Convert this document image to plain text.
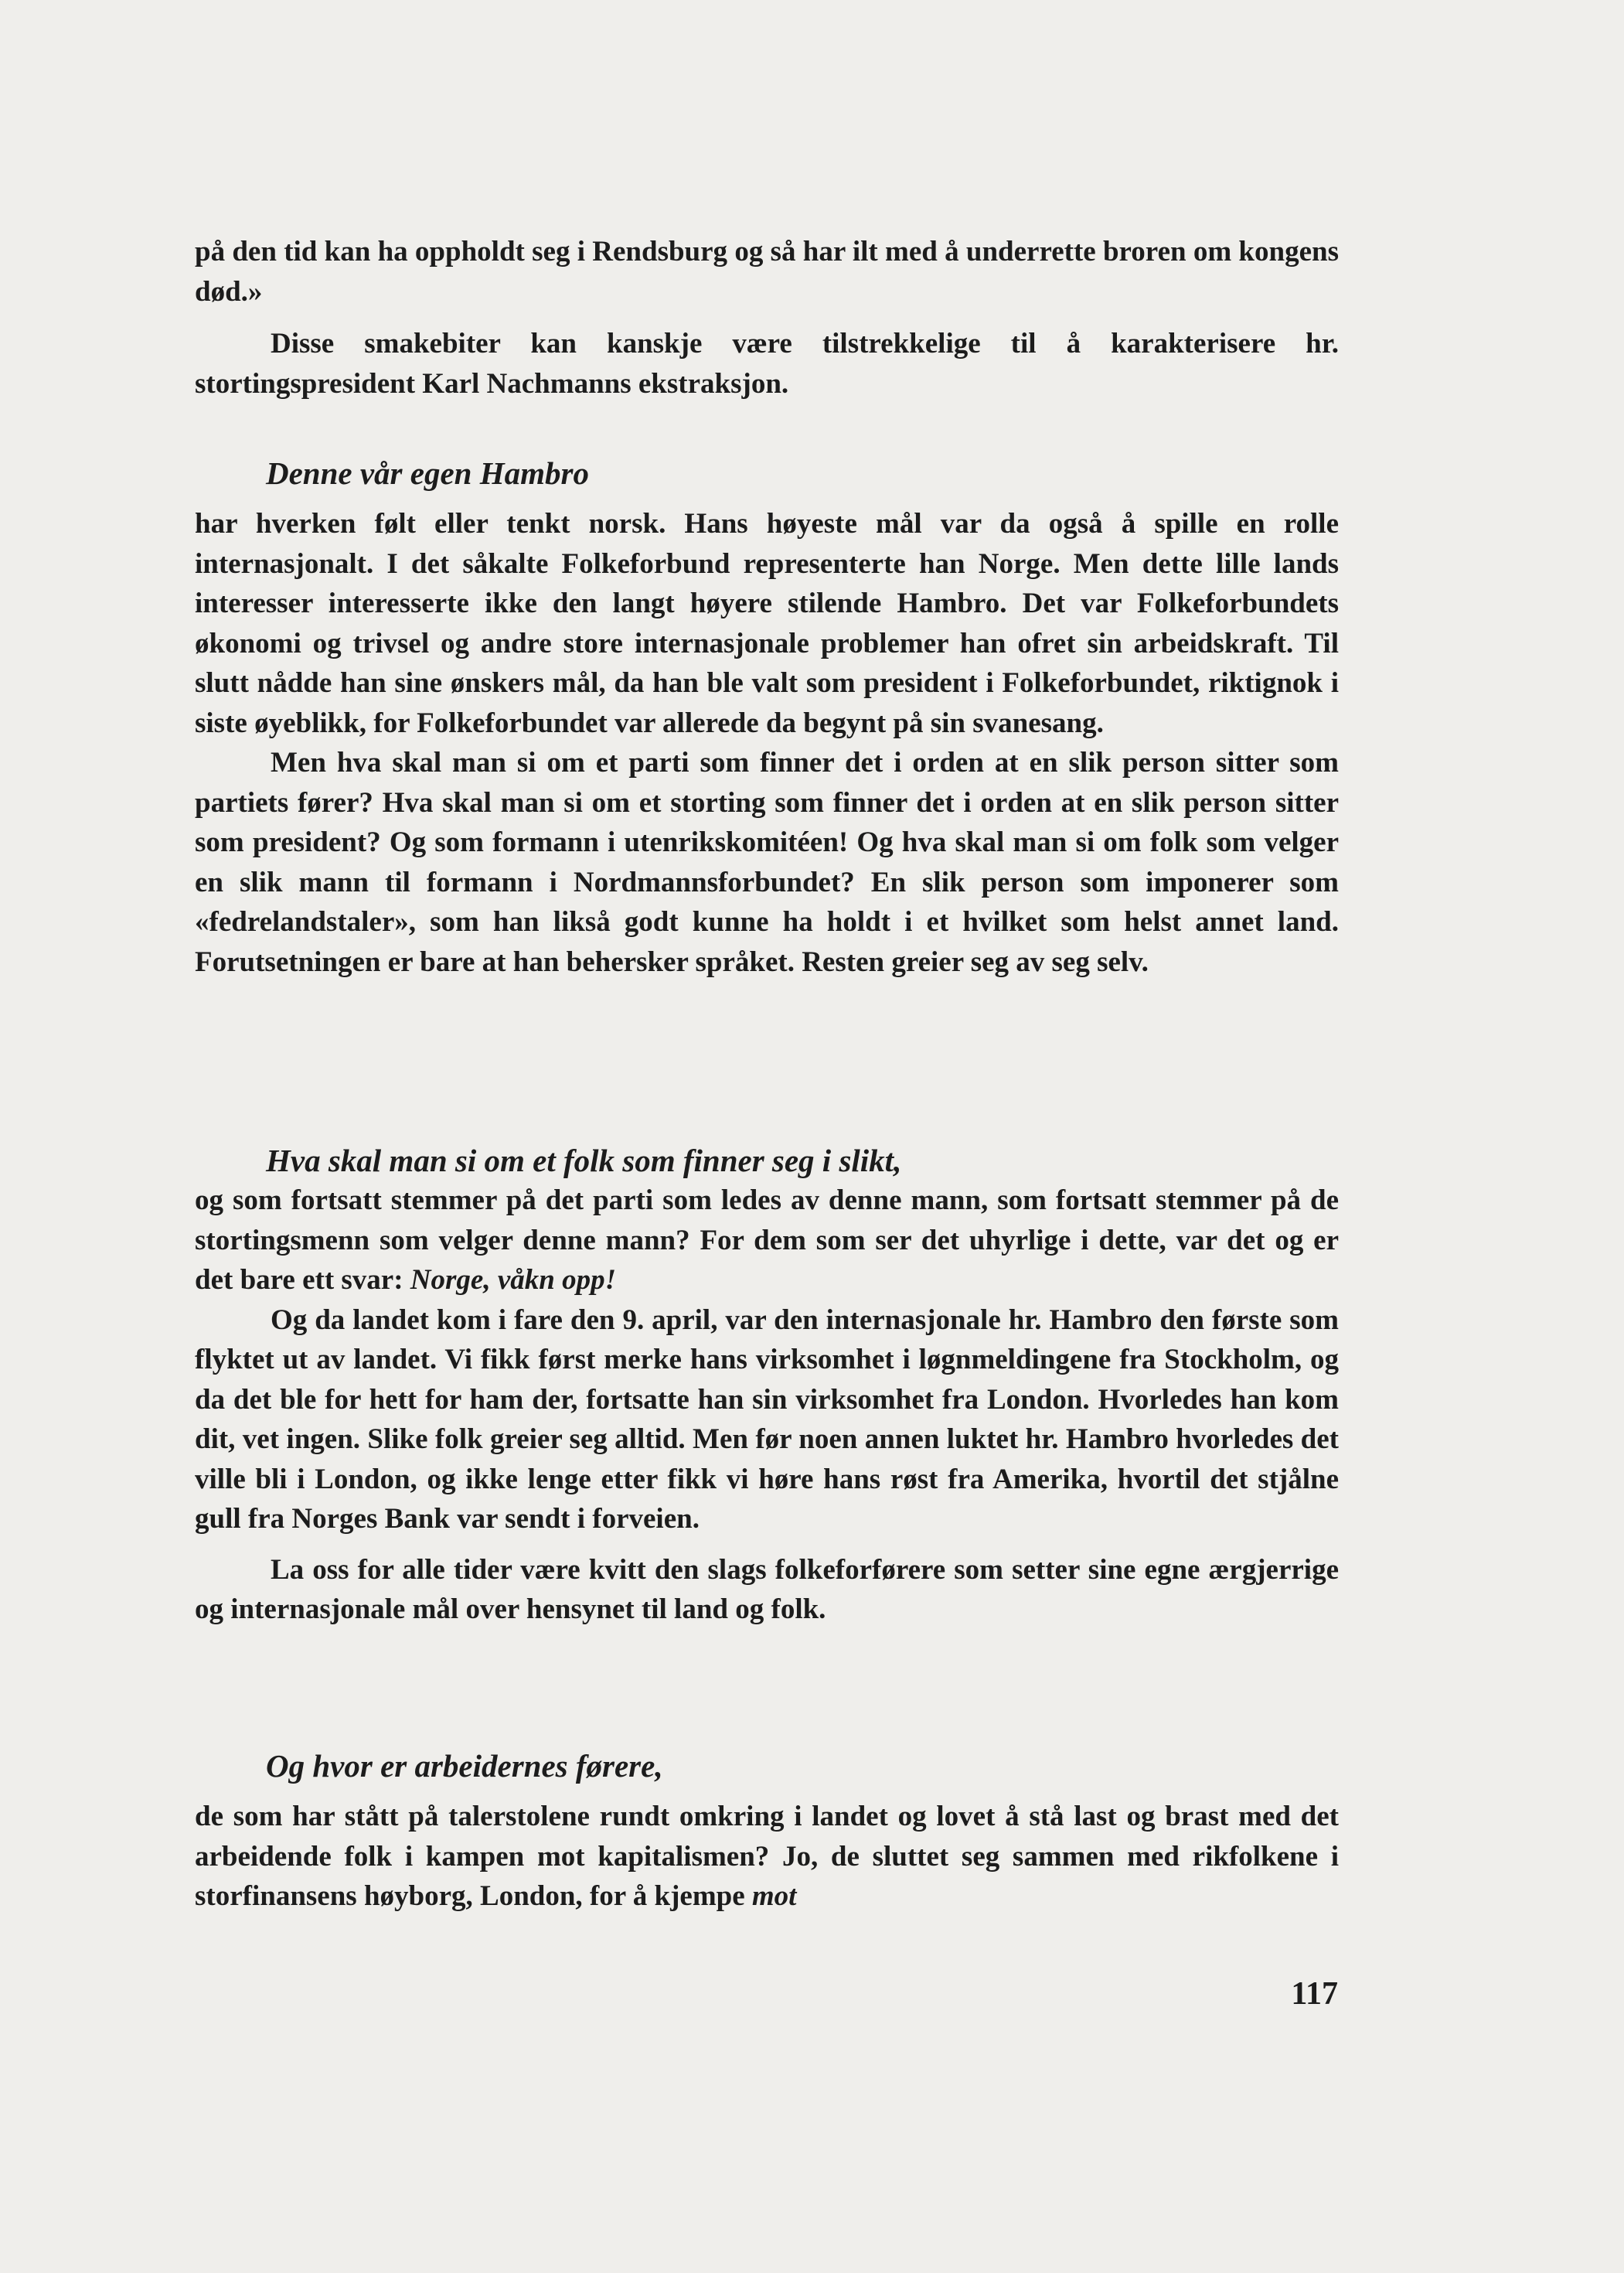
på den tid kan ha oppholdt seg i Rendsburg og så har ilt med å underrette broren om kongens død.»

Disse smakebiter kan kanskje være tilstrekkelige til å karakterisere hr. stortingspresident Karl Nachmanns ekstraksjon.

Denne vår egen Hambro

har hverken følt eller tenkt norsk. Hans høyeste mål var da også å spille en rolle internasjonalt. I det såkalte Folkeforbund representerte han Norge. Men dette lille lands interesser interesserte ikke den langt høyere stilende Hambro. Det var Folkeforbundets økonomi og trivsel og andre store internasjonale problemer han ofret sin arbeidskraft. Til slutt nådde han sine ønskers mål, da han ble valt som president i Folkeforbundet, riktignok i siste øyeblikk, for Folkeforbundet var allerede da begynt på sin svanesang.

Men hva skal man si om et parti som finner det i orden at en slik person sitter som partiets fører? Hva skal man si om et storting som finner det i orden at en slik person sitter som president? Og som formann i utenrikskomitéen! Og hva skal man si om folk som velger en slik mann til formann i Nordmannsforbundet? En slik person som imponerer som «fedrelandstaler», som han likså godt kunne ha holdt i et hvilket som helst annet land. Forutsetningen er bare at han behersker språket. Resten greier seg av seg selv.

Hva skal man si om et folk som finner seg i slikt,

og som fortsatt stemmer på det parti som ledes av denne mann, som fortsatt stemmer på de stortingsmenn som velger denne mann? For dem som ser det uhyrlige i dette, var det og er det bare ett svar: Norge, våkn opp!

Og da landet kom i fare den 9. april, var den internasjonale hr. Hambro den første som flyktet ut av landet. Vi fikk først merke hans virksomhet i løgnmeldingene fra Stockholm, og da det ble for hett for ham der, fortsatte han sin virksomhet fra London. Hvorledes han kom dit, vet ingen. Slike folk greier seg alltid. Men før noen annen luktet hr. Hambro hvorledes det ville bli i London, og ikke lenge etter fikk vi høre hans røst fra Amerika, hvortil det stjålne gull fra Norges Bank var sendt i forveien.

La oss for alle tider være kvitt den slags folkeforførere som setter sine egne ærgjerrige og internasjonale mål over hensynet til land og folk.

Og hvor er arbeidernes førere,

de som har stått på talerstolene rundt omkring i landet og lovet å stå last og brast med det arbeidende folk i kampen mot kapitalismen? Jo, de sluttet seg sammen med rikfolkene i storfinansens høyborg, London, for å kjempe mot

117
